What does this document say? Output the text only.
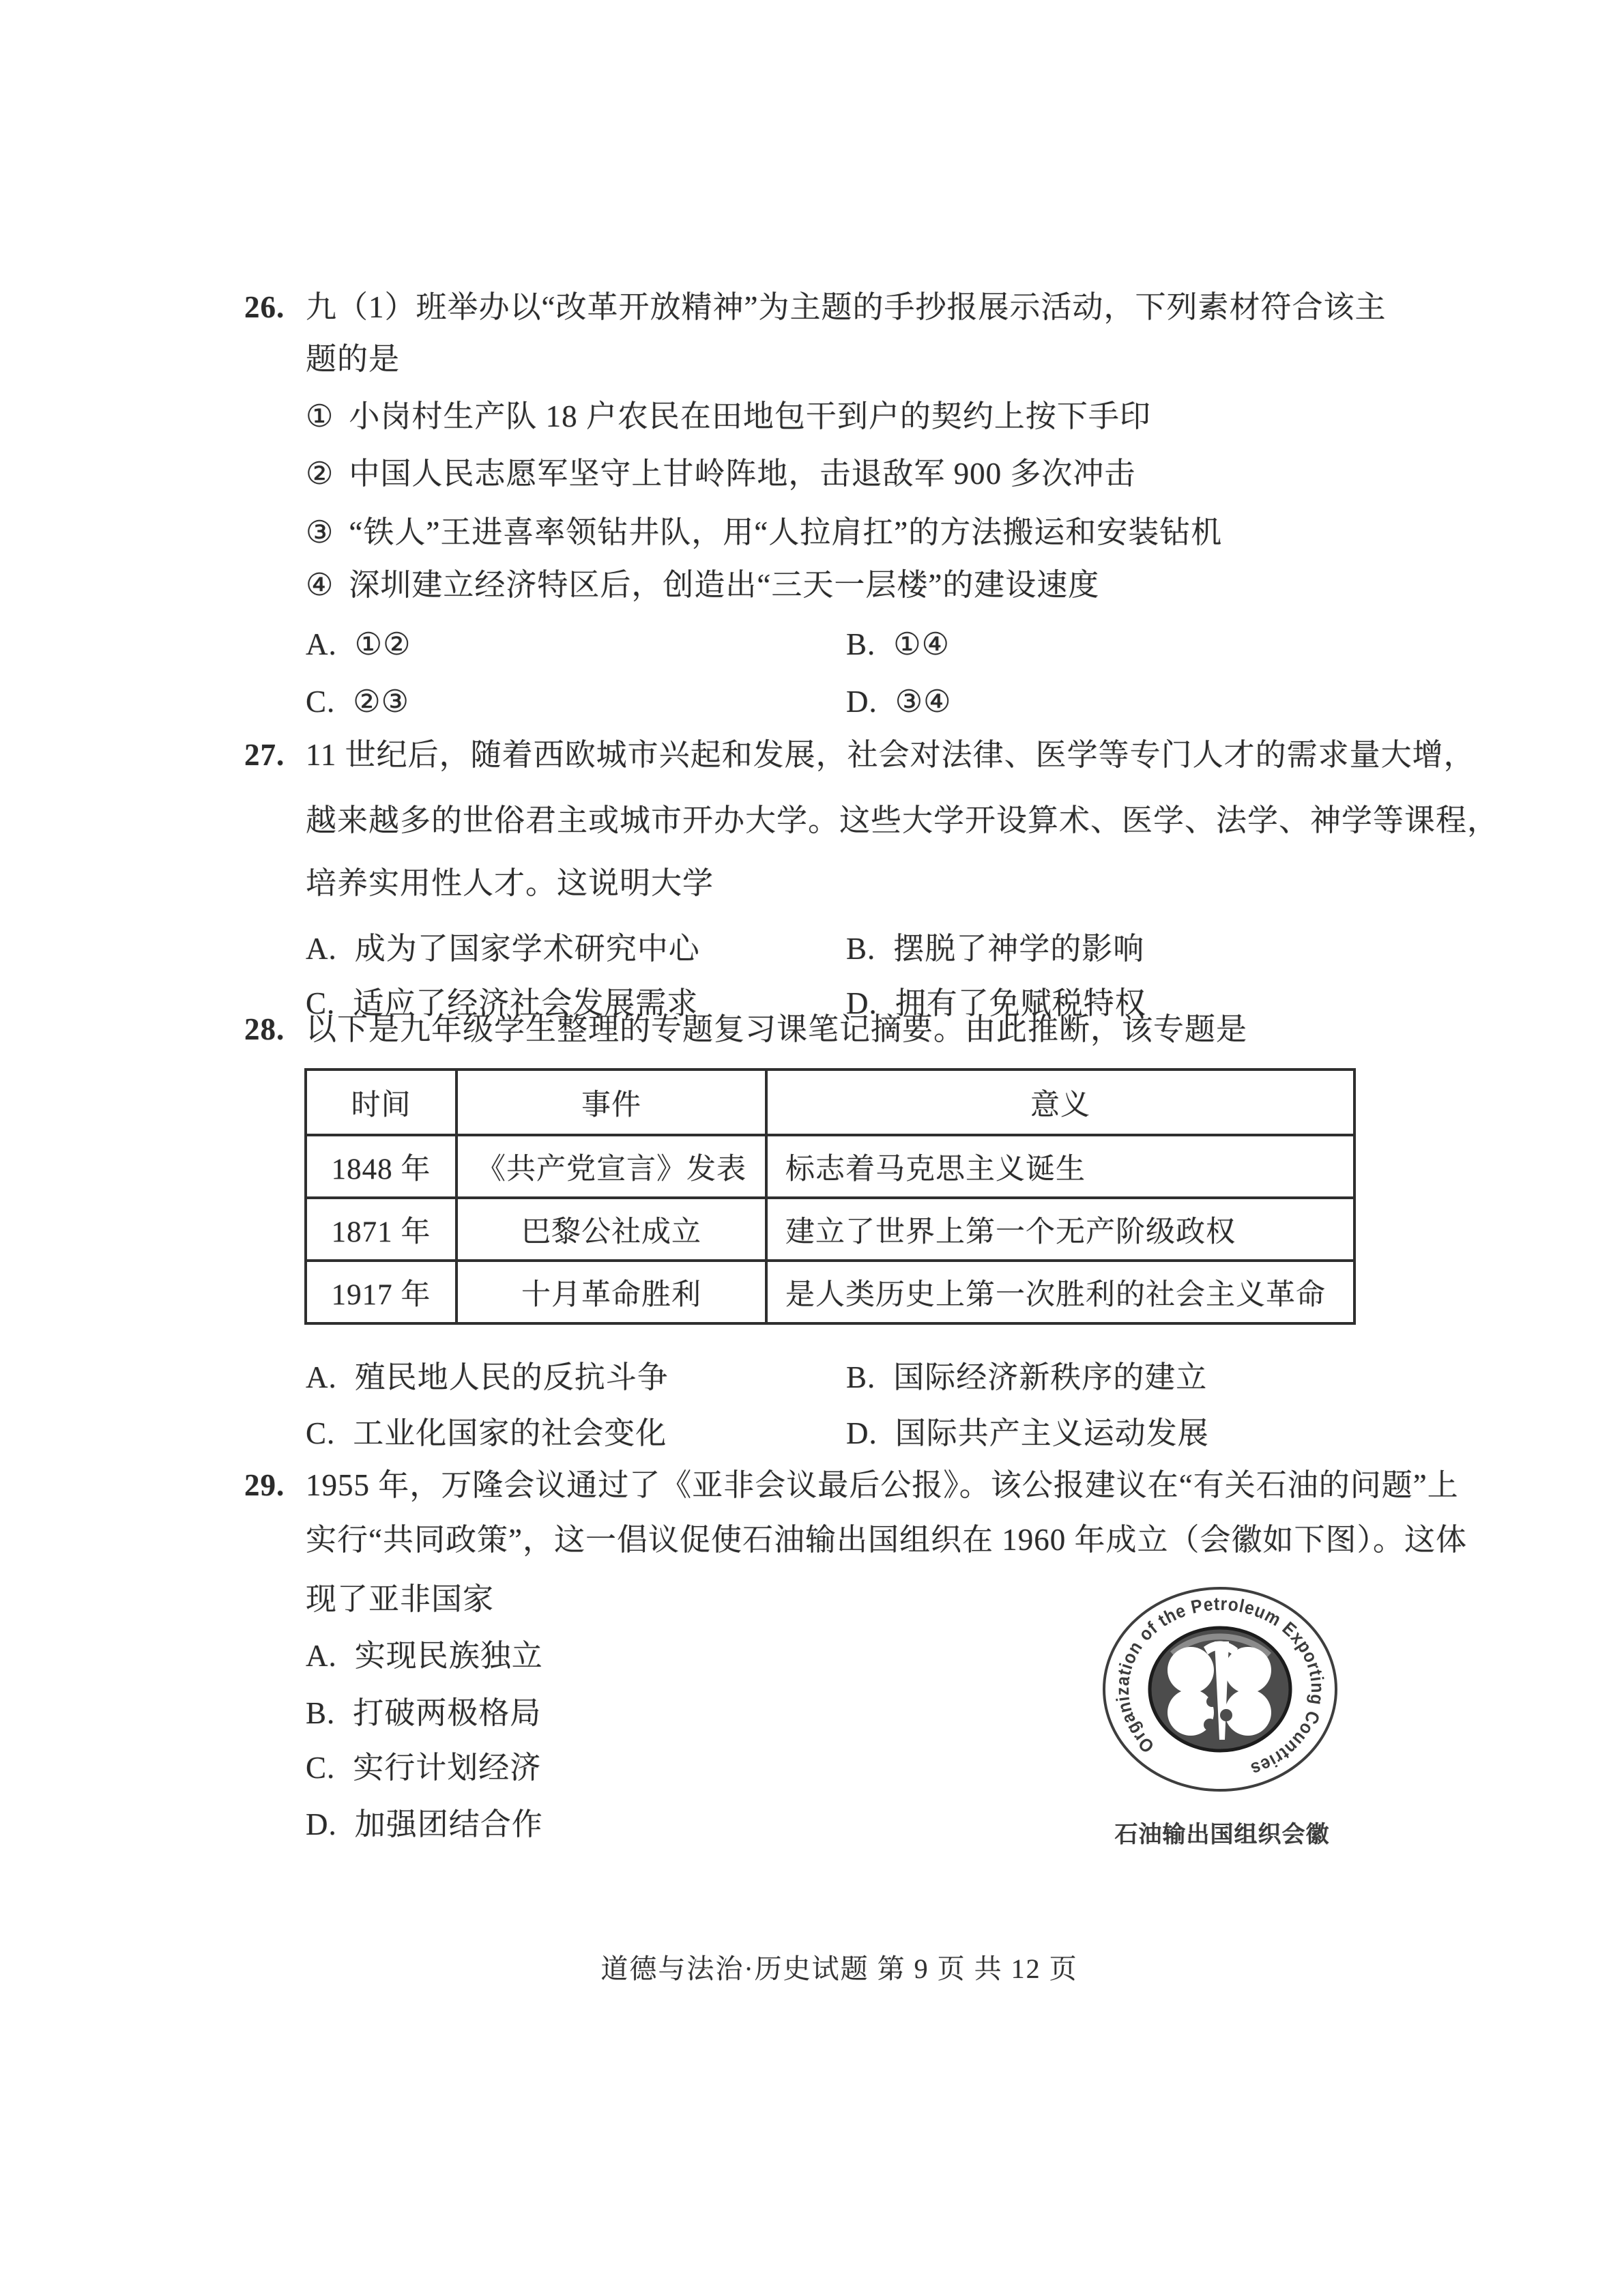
26. 九（1）班举办以“改革开放精神”为主题的手抄报展示活动，下列素材符合该主
题的是
① 小岗村生产队 18 户农民在田地包干到户的契约上按下手印
② 中国人民志愿军坚守上甘岭阵地，击退敌军 900 多次冲击
③ “铁人”王进喜率领钻井队，用“人拉肩扛”的方法搬运和安装钻机
④ 深圳建立经济特区后，创造出“三天一层楼”的建设速度
A. ①②	B. ①④
C. ②③	D. ③④
27. 11 世纪后，随着西欧城市兴起和发展，社会对法律、医学等专门人才的需求量大增，
越来越多的世俗君主或城市开办大学。这些大学开设算术、医学、法学、神学等课程，
培养实用性人才。这说明大学
A. 成为了国家学术研究中心	B. 摆脱了神学的影响
C. 适应了经济社会发展需求	D. 拥有了免赋税特权
28. 以下是九年级学生整理的专题复习课笔记摘要。由此推断，该专题是
时间	事件	意义
1848 年	《共产党宣言》发表	标志着马克思主义诞生
1871 年	巴黎公社成立	建立了世界上第一个无产阶级政权
1917 年	十月革命胜利	是人类历史上第一次胜利的社会主义革命
A. 殖民地人民的反抗斗争	B. 国际经济新秩序的建立
C. 工业化国家的社会变化	D. 国际共产主义运动发展
29. 1955 年，万隆会议通过了《亚非会议最后公报》。该公报建议在“有关石油的问题”上
实行“共同政策”，这一倡议促使石油输出国组织在 1960 年成立（会徽如下图）。这体
现了亚非国家
A. 实现民族独立
B. 打破两极格局
C. 实行计划经济
D. 加强团结合作
Organization of the Petroleum Exporting Countries
石油输出国组织会徽
道德与法治·历史试题 第 9 页 共 12 页
